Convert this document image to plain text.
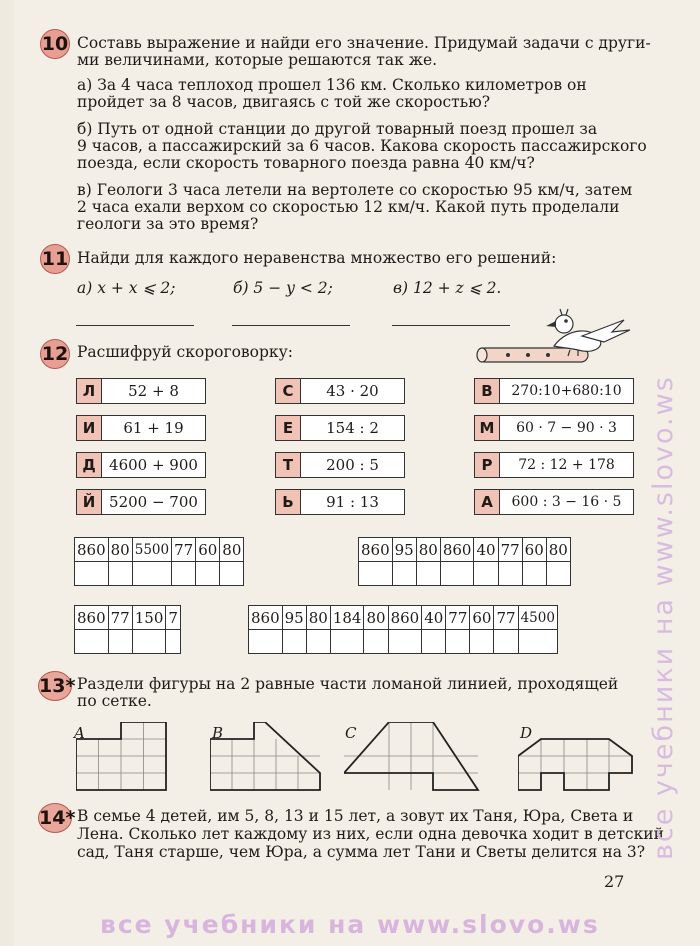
10 Составь выражение и найди его значение. Придумай задачи с други-
ми величинами, которые решаются так же.
а) За 4 часа теплоход прошел 136 км. Сколько километров он
пройдет за 8 часов, двигаясь с той же скоростью?
б) Путь от одной станции до другой товарный поезд прошел за
9 часов, а пассажирский за 6 часов. Какова скорость пассажирского
поезда, если скорость товарного поезда равна 40 км/ч?
в) Геологи 3 часа летели на вертолете со скоростью 95 км/ч, затем
2 часа ехали верхом со скоростью 12 км/ч. Какой путь проделали
геологи за это время?
11 Найди для каждого неравенства множество его решений:
а) x + x ⩽ 2;	б) 5 − y < 2;	в) 12 + z ⩽ 2.
12 Расшифруй скороговорку:
Л	52 + 8
И	61 + 19
Д 4600 + 900
Й 5200 − 700
С	43 · 20
Е	154 : 2
Т	200 : 5
Ь	91 : 13
В	270:10+680:10
М	60 · 7 − 90 · 3
Р	72 : 12 + 178
А	600 : 3 − 16 · 5
860	80	5500	77	60	80
						860	95	80	860	40	77	60	80

860	77	150	7
				860	95	80	184	80	860	40	77	60	77	4500

13* Раздели фигуры на 2 равные части ломаной линией, проходящей
по сетке.
A	B	C	D
14* В семье 4 детей, им 5, 8, 13 и 15 лет, а зовут их Таня, Юра, Света и
Лена. Сколько лет каждому из них, если одна девочка ходит в детский
сад, Таня старше, чем Юра, а сумма лет Тани и Светы делится на 3?
27
все учебники на www.slovo.ws
все учебники на www.slovo.ws
